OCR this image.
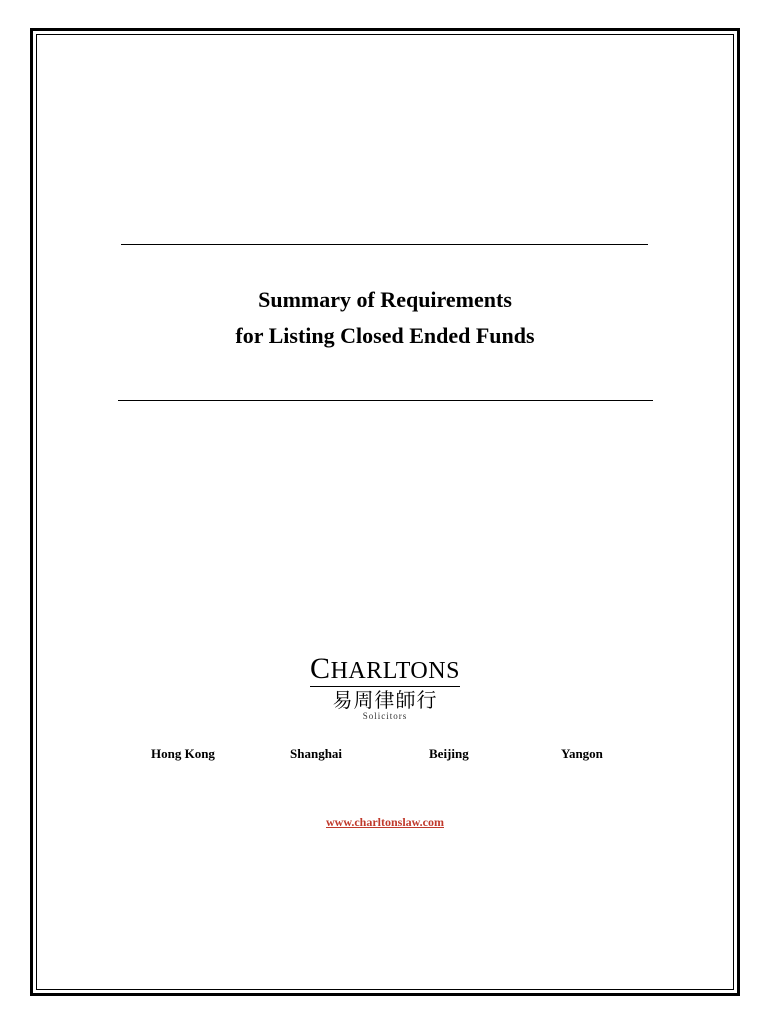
Summary of Requirements
for Listing Closed Ended Funds
CHARLTONS
易周律師行
Solicitors
Hong Kong	Shanghai	Beijing	Yangon
www.charltonslaw.com
